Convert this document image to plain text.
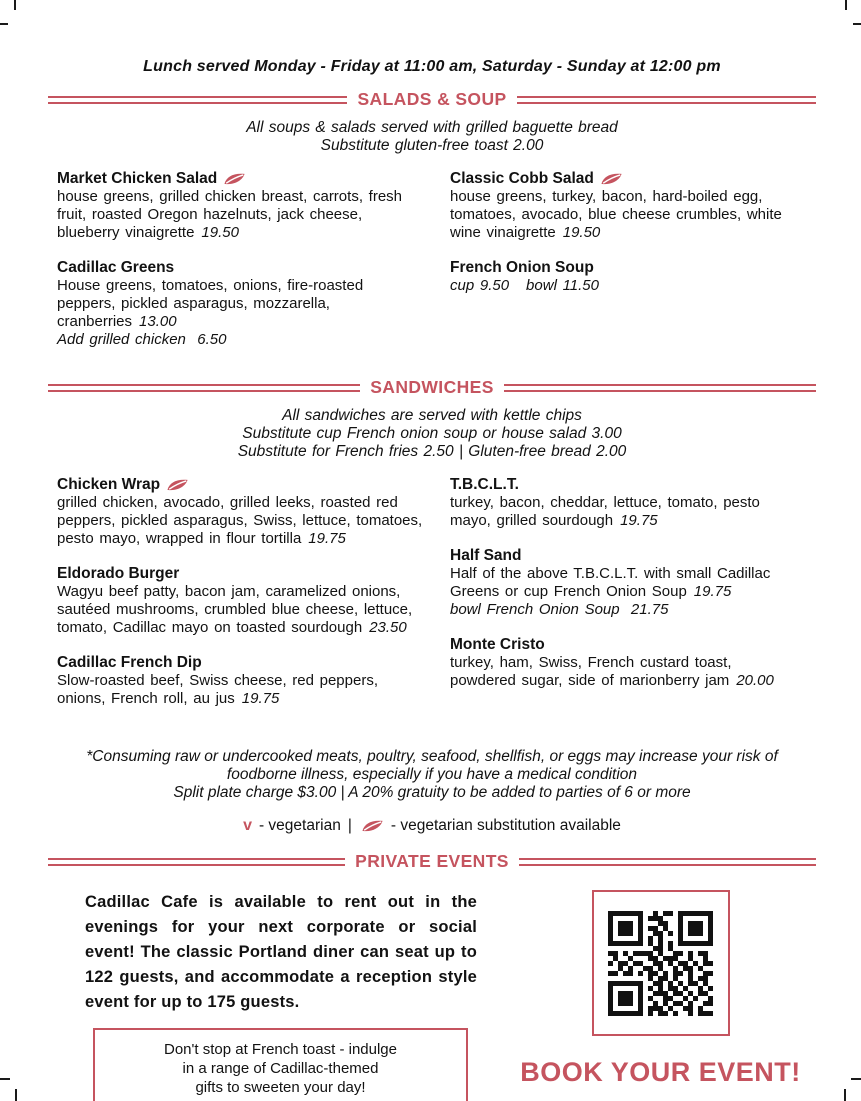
Lunch served Monday - Friday at 11:00 am, Saturday - Sunday at 12:00 pm
SALADS & SOUP
All soups & salads served with grilled baguette bread
Substitute gluten-free toast 2.00
Market Chicken Salad

house greens, grilled chicken breast, carrots, fresh fruit, roasted Oregon hazelnuts, jack cheese, blueberry vinaigrette 19.50

Cadillac Greens

House greens, tomatoes, onions, fire-roasted peppers, pickled asparagus, mozzarella, cranberries 13.00

Add grilled chicken  6.50

Classic Cobb Salad

house greens, turkey, bacon, hard-boiled egg, tomatoes, avocado, blue cheese crumbles, white wine vinaigrette 19.50

French Onion Soup

cup 9.50   bowl 11.50

SANDWICHES
All sandwiches are served with kettle chips
Substitute cup French onion soup or house salad 3.00
Substitute for French fries 2.50 | Gluten-free bread 2.00
Chicken Wrap

grilled chicken, avocado, grilled leeks, roasted red peppers, pickled asparagus, Swiss, lettuce, tomatoes, pesto mayo, wrapped in flour tortilla 19.75

Eldorado Burger

Wagyu beef patty, bacon jam, caramelized onions, sautéed mushrooms, crumbled blue cheese, lettuce, tomato, Cadillac mayo on toasted sourdough 23.50

Cadillac French Dip

Slow-roasted beef, Swiss cheese, red peppers, onions, French roll, au jus 19.75

T.B.C.L.T.

turkey, bacon, cheddar, lettuce, tomato, pesto mayo, grilled sourdough 19.75

Half Sand

Half of the above T.B.C.L.T. with small Cadillac Greens or cup French Onion Soup 19.75

bowl French Onion Soup  21.75

Monte Cristo

turkey, ham, Swiss, French custard toast, powdered sugar, side of marionberry jam 20.00

*Consuming raw or undercooked meats, poultry, seafood, shellfish, or eggs may increase your risk of
foodborne illness, especially if you have a medical condition
Split plate charge $3.00 | A 20% gratuity to be added to parties of 6 or more
v - vegetarian |	- vegetarian substitution available
PRIVATE EVENTS

Cadillac Cafe is available to rent out in the evenings for your next corporate or social event! The classic Portland diner can seat up to 122 guests, and accommodate a reception style event for up to 175 guests.

Don't stop at French toast - indulge
in a range of Cadillac-themed
gifts to sweeten your day!
BOOK YOUR EVENT!
